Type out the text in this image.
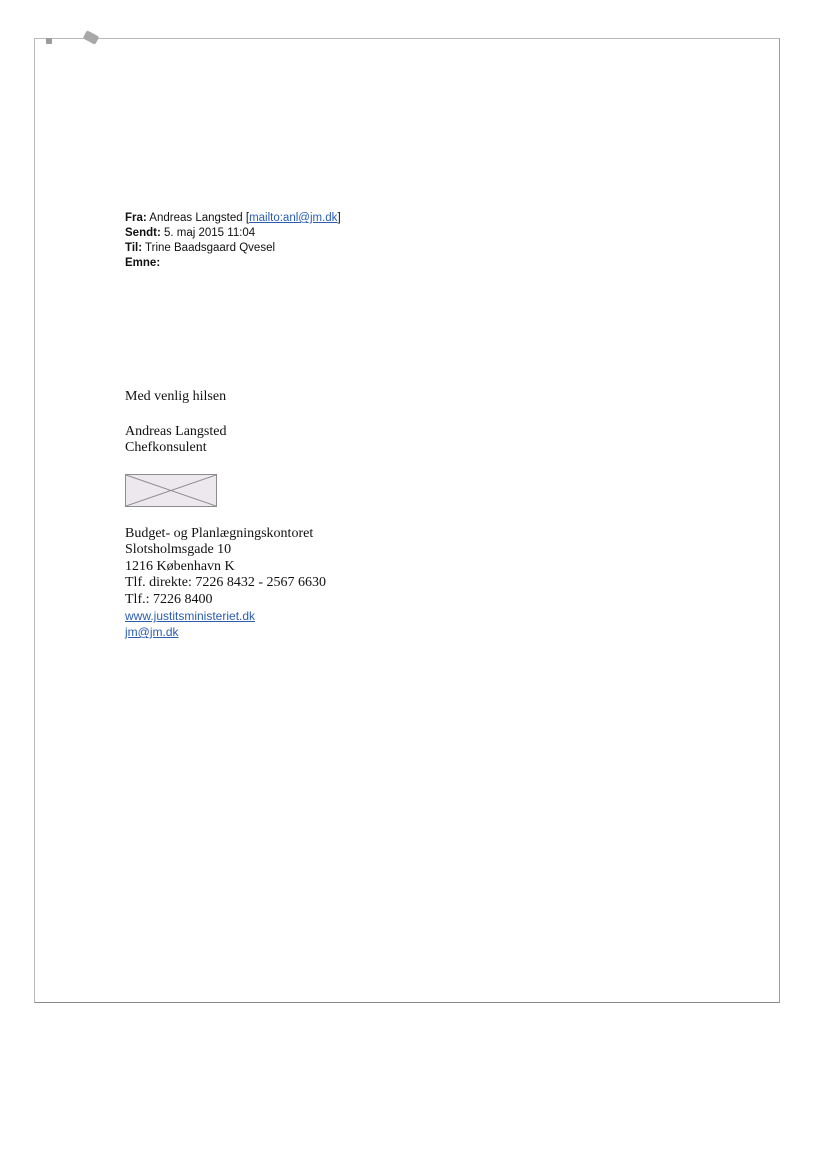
Fra: Andreas Langsted [mailto:anl@jm.dk]
Sendt: 5. maj 2015 11:04
Til: Trine Baadsgaard Qvesel
Emne:
Med venlig hilsen
Andreas Langsted
Chefkonsulent
Budget- og Planlægningskontoret
Slotsholmsgade 10
1216 København K
Tlf. direkte: 7226 8432 - 2567 6630
Tlf.: 7226 8400
www.justitsministeriet.dk
jm@jm.dk
